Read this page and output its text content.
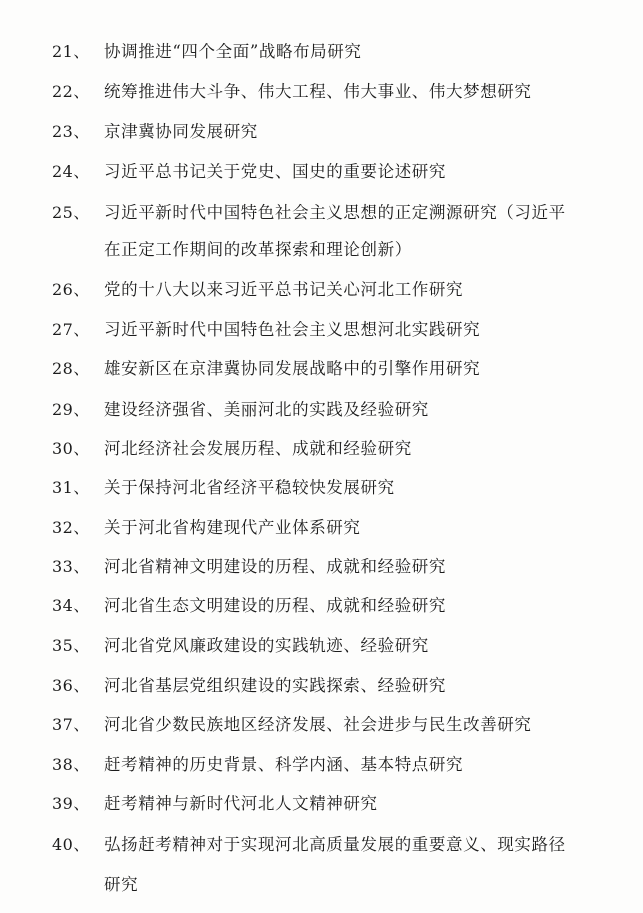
21、 协调推进“四个全面”战略布局研究
22、 统筹推进伟大斗争、伟大工程、伟大事业、伟大梦想研究
23、 京津冀协同发展研究
24、 习近平总书记关于党史、国史的重要论述研究
25、 习近平新时代中国特色社会主义思想的正定溯源研究（习近平
在正定工作期间的改革探索和理论创新）
26、 党的十八大以来习近平总书记关心河北工作研究
27、 习近平新时代中国特色社会主义思想河北实践研究
28、 雄安新区在京津冀协同发展战略中的引擎作用研究
29、 建设经济强省、美丽河北的实践及经验研究
30、 河北经济社会发展历程、成就和经验研究
31、 关于保持河北省经济平稳较快发展研究
32、 关于河北省构建现代产业体系研究
33、 河北省精神文明建设的历程、成就和经验研究
34、 河北省生态文明建设的历程、成就和经验研究
35、 河北省党风廉政建设的实践轨迹、经验研究
36、 河北省基层党组织建设的实践探索、经验研究
37、 河北省少数民族地区经济发展、社会进步与民生改善研究
38、 赶考精神的历史背景、科学内涵、基本特点研究
39、 赶考精神与新时代河北人文精神研究
40、 弘扬赶考精神对于实现河北高质量发展的重要意义、现实路径
研究
